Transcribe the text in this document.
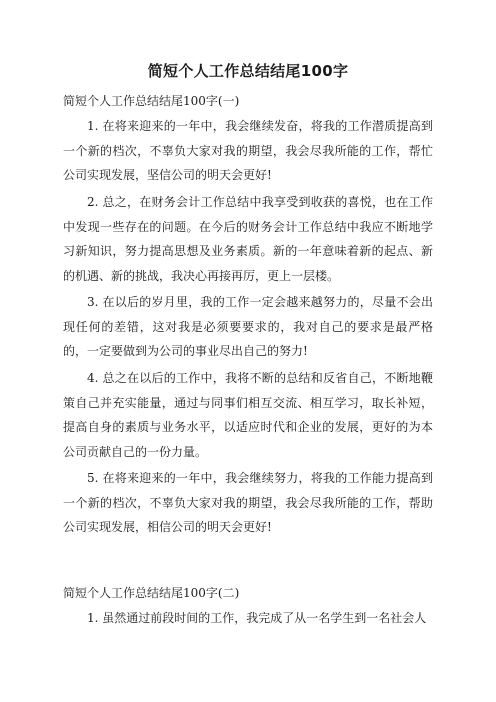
简短个人工作总结结尾100字
简短个人工作总结结尾100字(一)

1. 在将来迎来的一年中，我会继续发奋，将我的工作潜质提高到一个新的档次，不辜负大家对我的期望，我会尽我所能的工作，帮忙公司实现发展，坚信公司的明天会更好!

2. 总之，在财务会计工作总结中我享受到收获的喜悦，也在工作中发现一些存在的问题。在今后的财务会计工作总结中我应不断地学习新知识，努力提高思想及业务素质。新的一年意味着新的起点、新的机遇、新的挑战，我决心再接再厉，更上一层楼。

3. 在以后的岁月里，我的工作一定会越来越努力的，尽量不会出现任何的差错，这对我是必须要要求的，我对自己的要求是最严格的，一定要做到为公司的事业尽出自己的努力!

4. 总之在以后的工作中，我将不断的总结和反省自己，不断地鞭策自己并充实能量，通过与同事们相互交流、相互学习，取长补短，提高自身的素质与业务水平，以适应时代和企业的发展，更好的为本公司贡献自己的一份力量。

5. 在将来迎来的一年中，我会继续努力，将我的工作能力提高到一个新的档次，不辜负大家对我的期望，我会尽我所能的工作，帮助公司实现发展，相信公司的明天会更好!

简短个人工作总结结尾100字(二)

1. 虽然通过前段时间的工作，我完成了从一名学生到一名社会人
